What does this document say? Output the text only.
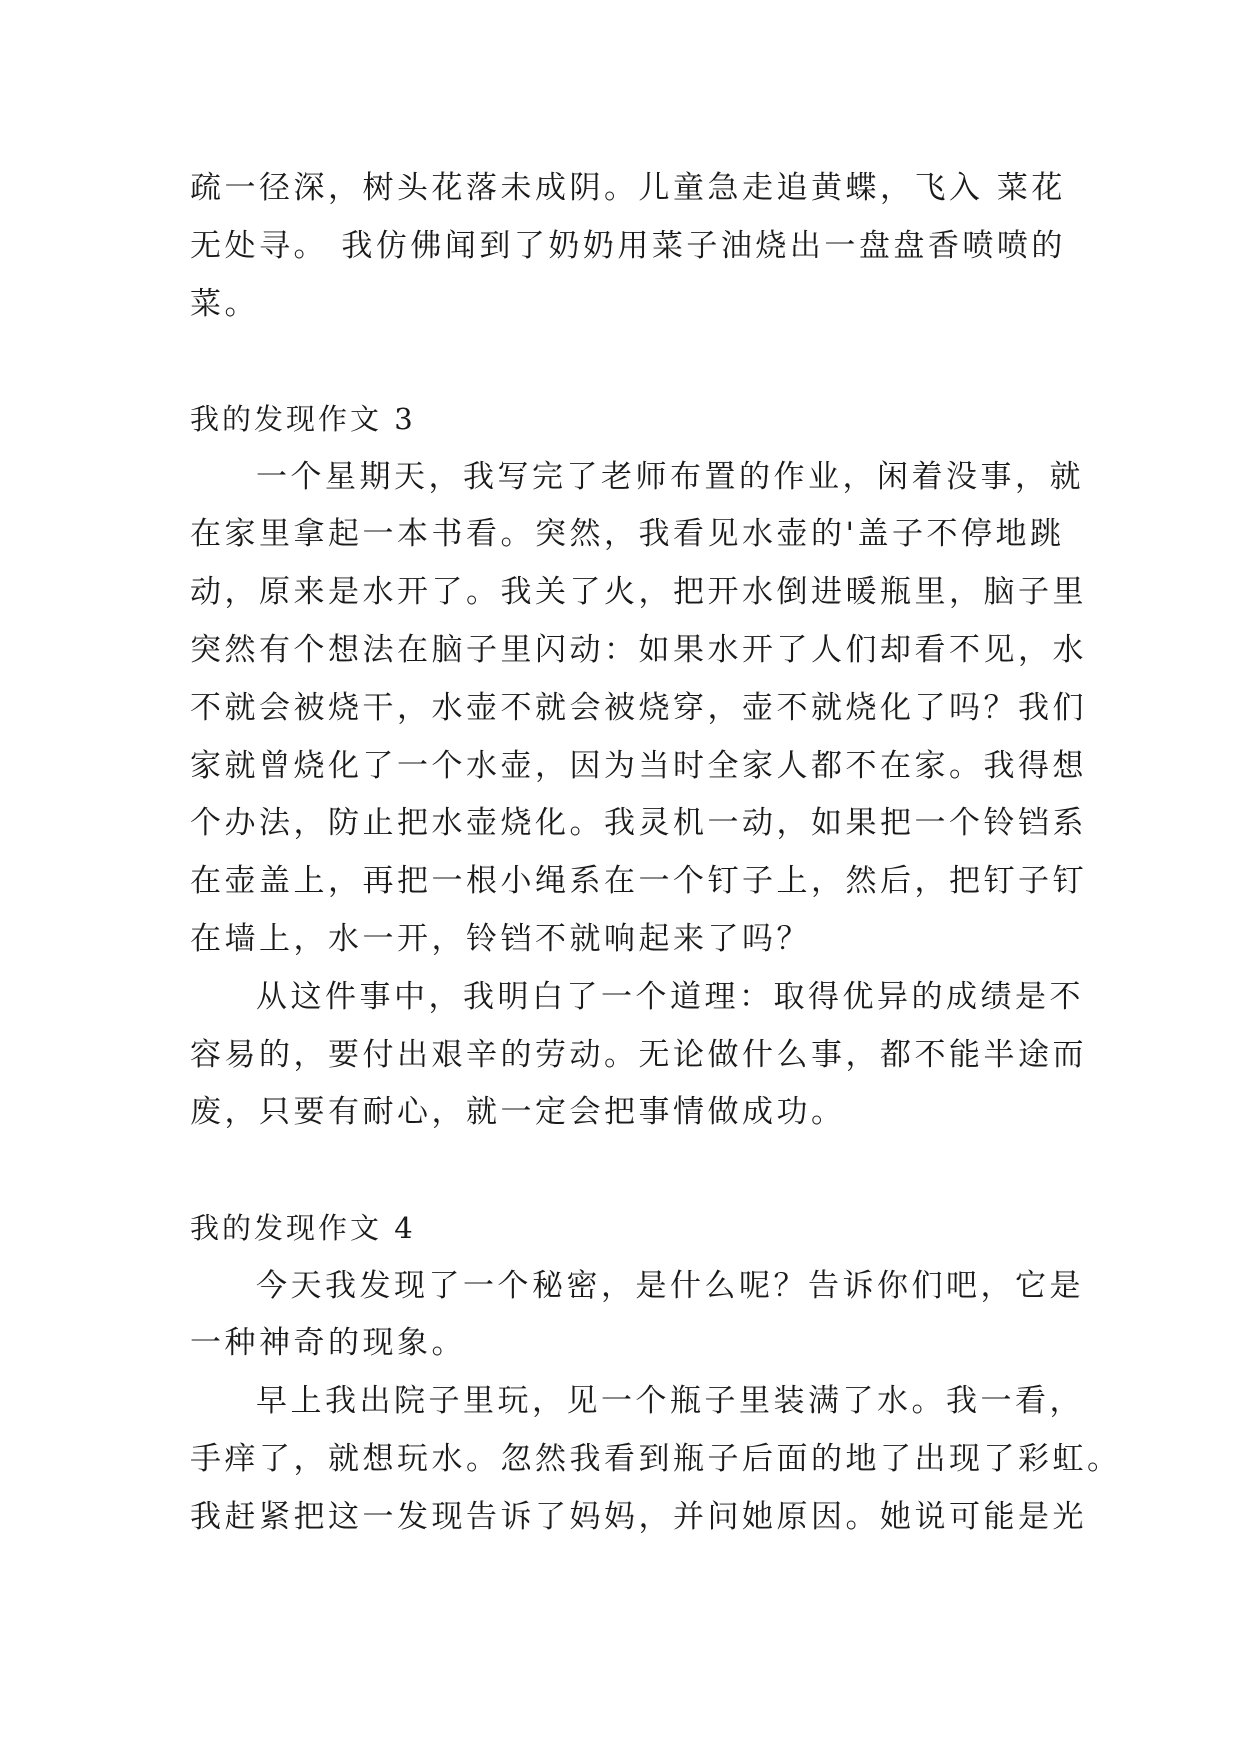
疏一径深，树头花落未成阴。儿童急走追黄蝶，飞入 菜花
无处寻。 我仿佛闻到了奶奶用菜子油烧出一盘盘香喷喷的
菜。
我的发现作文 3
一个星期天，我写完了老师布置的作业，闲着没事，就
在家里拿起一本书看。突然，我看见水壶的'盖子不停地跳
动，原来是水开了。我关了火，把开水倒进暖瓶里，脑子里
突然有个想法在脑子里闪动：如果水开了人们却看不见，水
不就会被烧干，水壶不就会被烧穿，壶不就烧化了吗？我们
家就曾烧化了一个水壶，因为当时全家人都不在家。我得想
个办法，防止把水壶烧化。我灵机一动，如果把一个铃铛系
在壶盖上，再把一根小绳系在一个钉子上，然后，把钉子钉
在墙上，水一开，铃铛不就响起来了吗？
从这件事中，我明白了一个道理：取得优异的成绩是不
容易的，要付出艰辛的劳动。无论做什么事，都不能半途而
废，只要有耐心，就一定会把事情做成功。
我的发现作文 4
今天我发现了一个秘密，是什么呢？告诉你们吧，它是
一种神奇的现象。
早上我出院子里玩，见一个瓶子里装满了水。我一看，
手痒了，就想玩水。忽然我看到瓶子后面的地了出现了彩虹。
我赶紧把这一发现告诉了妈妈，并问她原因。她说可能是光
